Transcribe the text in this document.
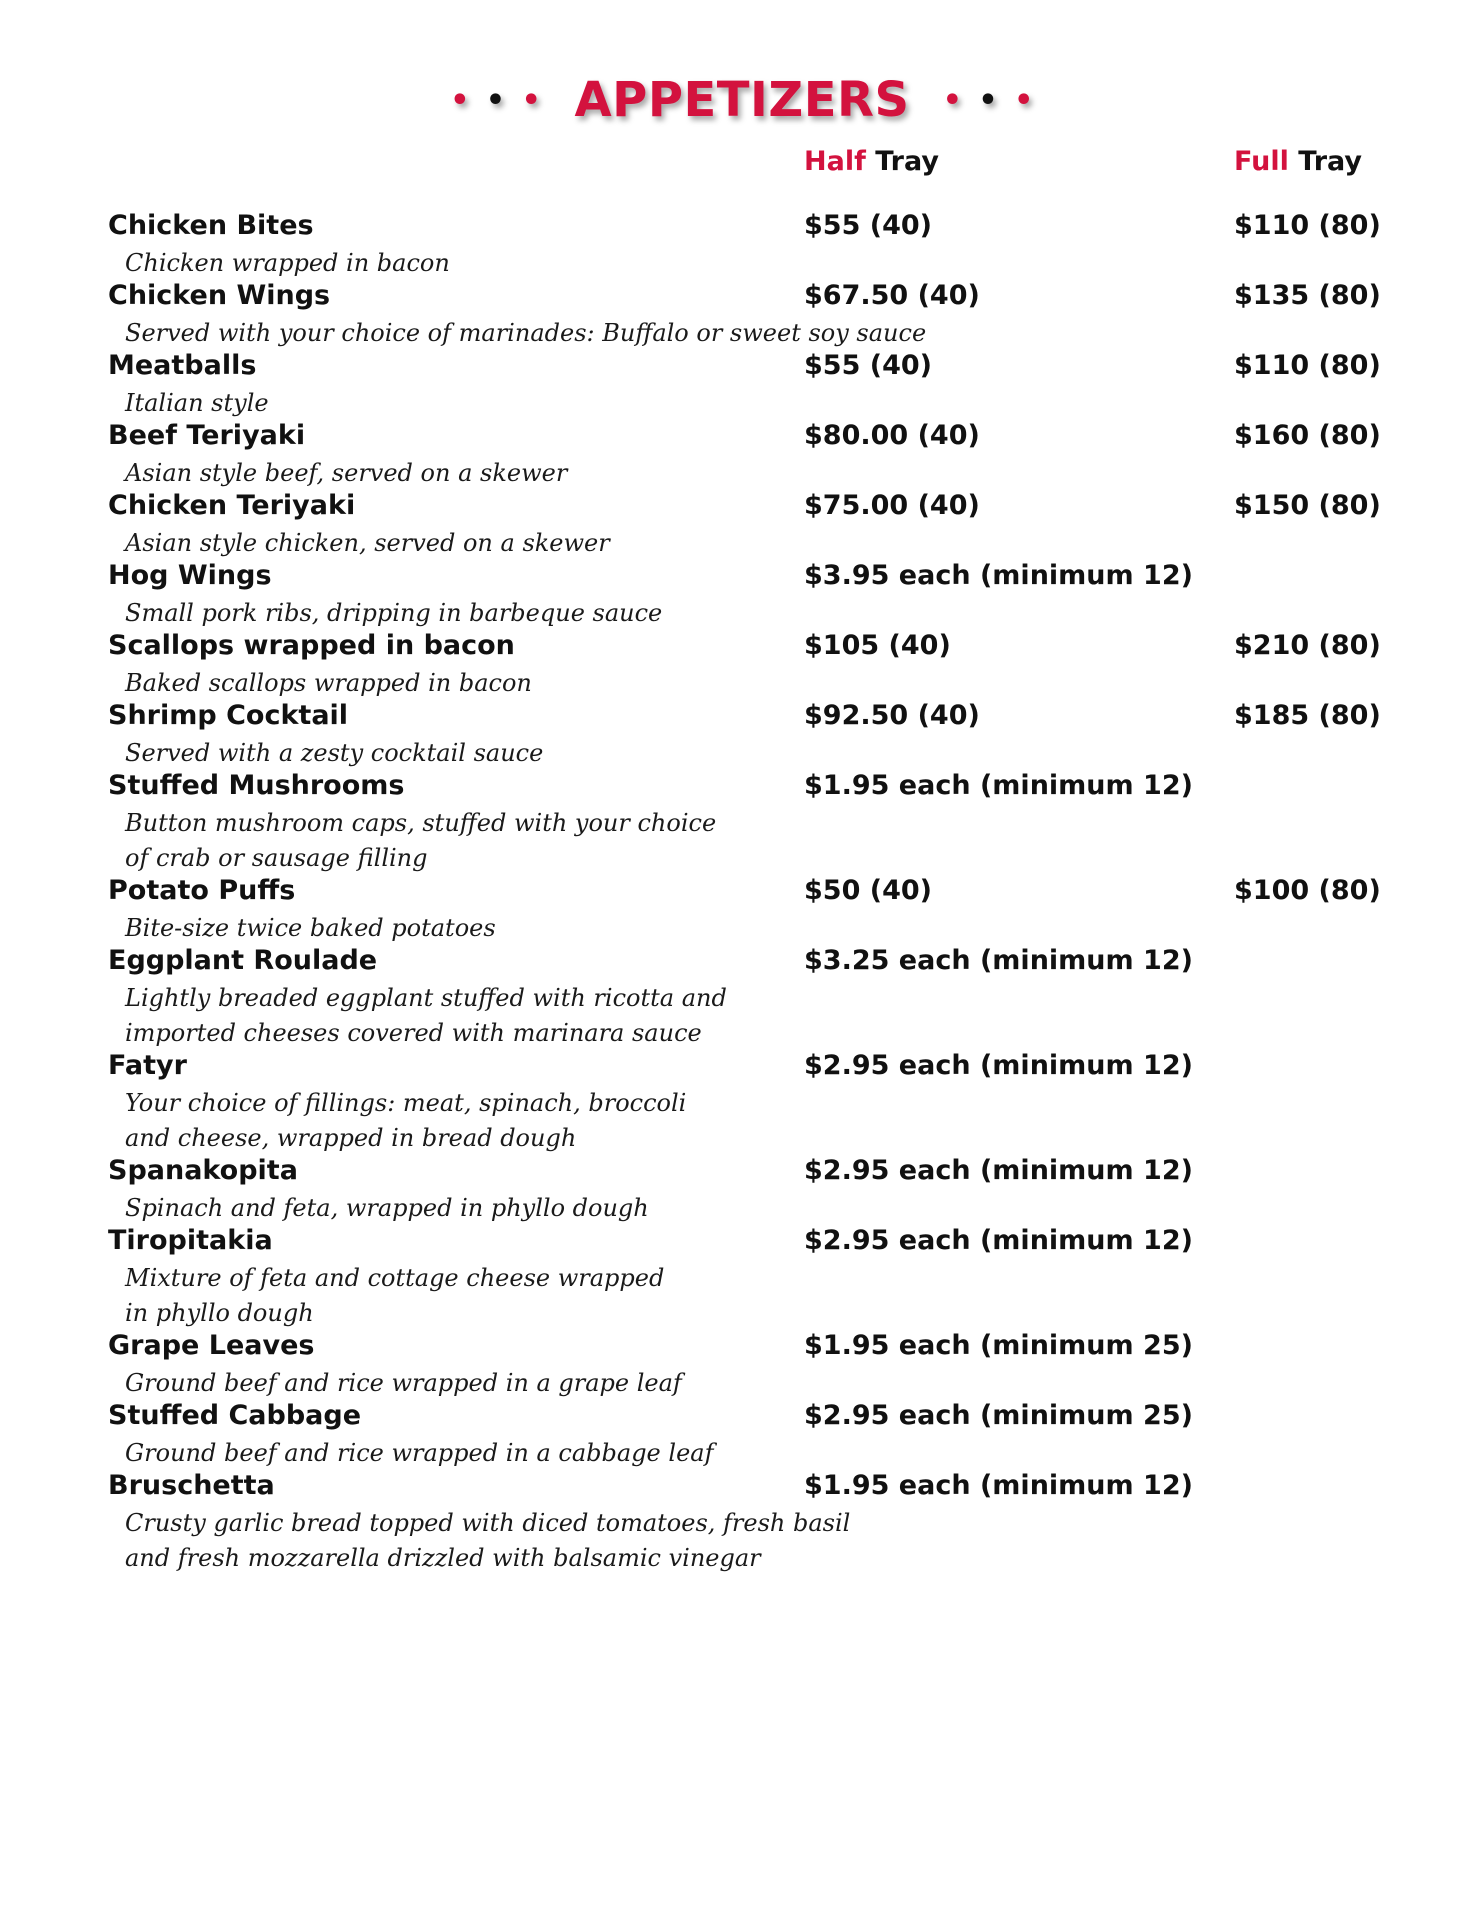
• • • APPETIZERS • • •
Half Tray	Full Tray
Chicken Bites	$55 (40)	$110 (80)
Chicken wrapped in bacon
Chicken Wings	$67.50 (40)	$135 (80)
Served with your choice of marinades: Buffalo or sweet soy sauce
Meatballs	$55 (40)	$110 (80)
Italian style
Beef Teriyaki	$80.00 (40)	$160 (80)
Asian style beef, served on a skewer
Chicken Teriyaki	$75.00 (40)	$150 (80)
Asian style chicken, served on a skewer
Hog Wings	$3.95 each (minimum 12)
Small pork ribs, dripping in barbeque sauce
Scallops wrapped in bacon	$105 (40)	$210 (80)
Baked scallops wrapped in bacon
Shrimp Cocktail	$92.50 (40)	$185 (80)
Served with a zesty cocktail sauce
Stuffed Mushrooms	$1.95 each (minimum 12)
Button mushroom caps, stuffed with your choice
of crab or sausage filling
Potato Puffs	$50 (40)	$100 (80)
Bite-size twice baked potatoes
Eggplant Roulade	$3.25 each (minimum 12)
Lightly breaded eggplant stuffed with ricotta and
imported cheeses covered with marinara sauce
Fatyr	$2.95 each (minimum 12)
Your choice of fillings: meat, spinach, broccoli
and cheese, wrapped in bread dough
Spanakopita	$2.95 each (minimum 12)
Spinach and feta, wrapped in phyllo dough
Tiropitakia	$2.95 each (minimum 12)
Mixture of feta and cottage cheese wrapped
in phyllo dough
Grape Leaves	$1.95 each (minimum 25)
Ground beef and rice wrapped in a grape leaf
Stuffed Cabbage	$2.95 each (minimum 25)
Ground beef and rice wrapped in a cabbage leaf
Bruschetta	$1.95 each (minimum 12)
Crusty garlic bread topped with diced tomatoes, fresh basil
and fresh mozzarella drizzled with balsamic vinegar
